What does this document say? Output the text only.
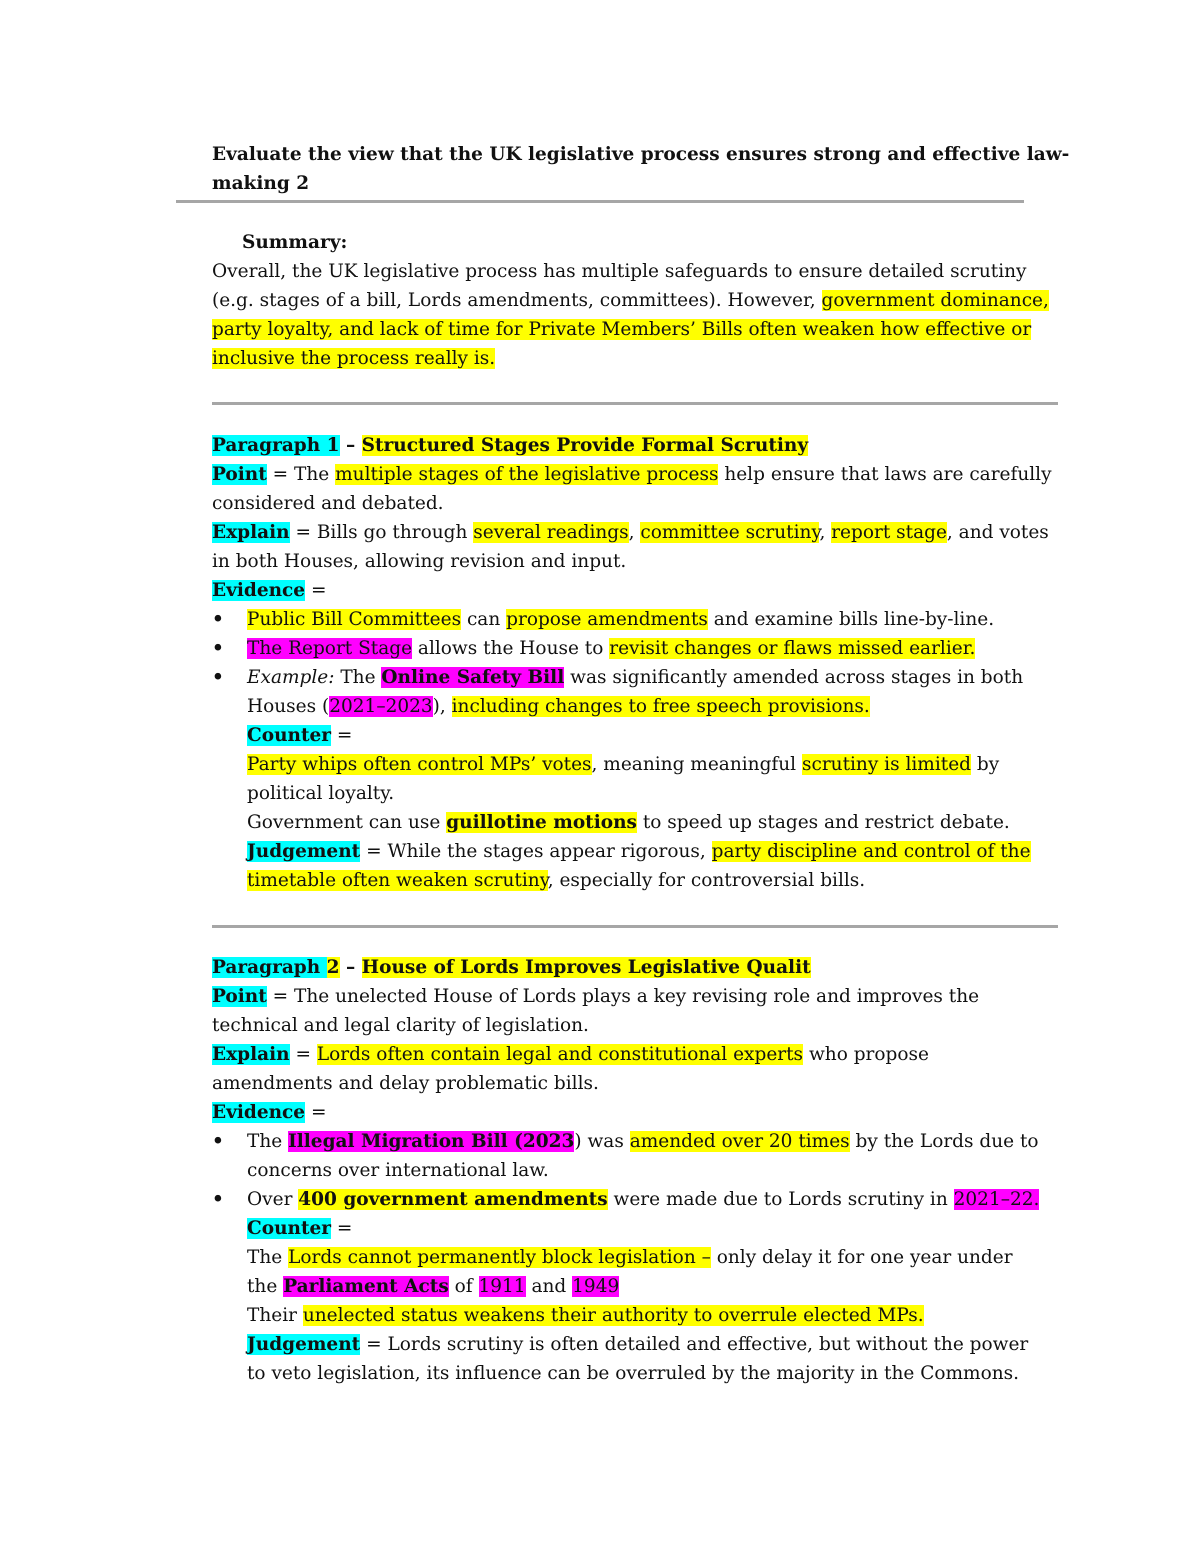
Evaluate the view that the UK legislative process ensures strong and effective law-
making 2
Summary:
Overall, the UK legislative process has multiple safeguards to ensure detailed scrutiny
(e.g. stages of a bill, Lords amendments, committees). However, government dominance,
party loyalty, and lack of time for Private Members’ Bills often weaken how effective or
inclusive the process really is.
Paragraph 1 – Structured Stages Provide Formal Scrutiny
Point = The multiple stages of the legislative process help ensure that laws are carefully
considered and debated.
Explain = Bills go through several readings, committee scrutiny, report stage, and votes
in both Houses, allowing revision and input.
Evidence =
•	Public Bill Committees can propose amendments and examine bills line-by-line.
•	The Report Stage allows the House to revisit changes or flaws missed earlier.
•	Example: The Online Safety Bill was significantly amended across stages in both
Houses (2021–2023), including changes to free speech provisions.
Counter =
Party whips often control MPs’ votes, meaning meaningful scrutiny is limited by
political loyalty.
Government can use guillotine motions to speed up stages and restrict debate.
Judgement = While the stages appear rigorous, party discipline and control of the
timetable often weaken scrutiny, especially for controversial bills.
Paragraph 2 – House of Lords Improves Legislative Qualit
Point = The unelected House of Lords plays a key revising role and improves the
technical and legal clarity of legislation.
Explain = Lords often contain legal and constitutional experts who propose
amendments and delay problematic bills.
Evidence =
•	The Illegal Migration Bill (2023) was amended over 20 times by the Lords due to
concerns over international law.
•	Over 400 government amendments were made due to Lords scrutiny in 2021–22.
Counter =
The Lords cannot permanently block legislation – only delay it for one year under
the Parliament Acts of 1911 and 1949
Their unelected status weakens their authority to overrule elected MPs.
Judgement = Lords scrutiny is often detailed and effective, but without the power
to veto legislation, its influence can be overruled by the majority in the Commons.
